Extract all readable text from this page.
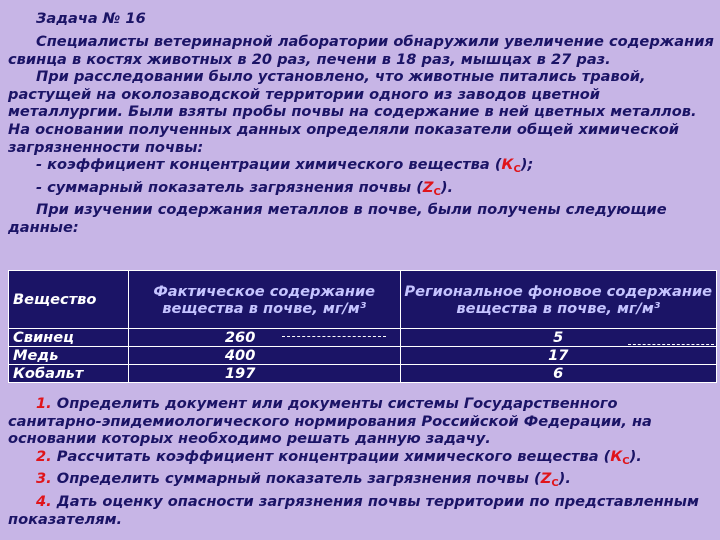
Задача № 16

Специалисты ветеринарной лаборатории обнаружили увеличение содержания свинца в костях животных в 20 раз, печени в 18 раз, мышцах в 27 раз.

При расследовании было установлено, что животные питались травой, растущей на околозаводской территории одного из заводов цветной металлургии. Были взяты пробы почвы на содержание в ней цветных металлов. На основании полученных данных определяли показатели общей химической загрязненности почвы:

- коэффициент концентрации химического вещества $(К_С)$;

- суммарный показатель загрязнения почвы $(Z_С)$.

При изучении содержания металлов в почве, были получены следующие данные:

Вещество	Фактическое содержание вещества в почве, мг/м³	Региональное фоновое содержание вещества в почве, мг/м³
Свинец	260	5
Медь	400	17
Кобальт	197	6

1. Определить документ или документы системы Государственного санитарно-эпидемиологического нормирования Российской Федерации, на основании которых необходимо решать данную задачу.

2. Рассчитать коэффициент концентрации химического вещества $(К_С)$.

3. Определить суммарный показатель загрязнения почвы $(Z_С)$.

4. Дать оценку опасности загрязнения почвы территории по представленным показателям.
